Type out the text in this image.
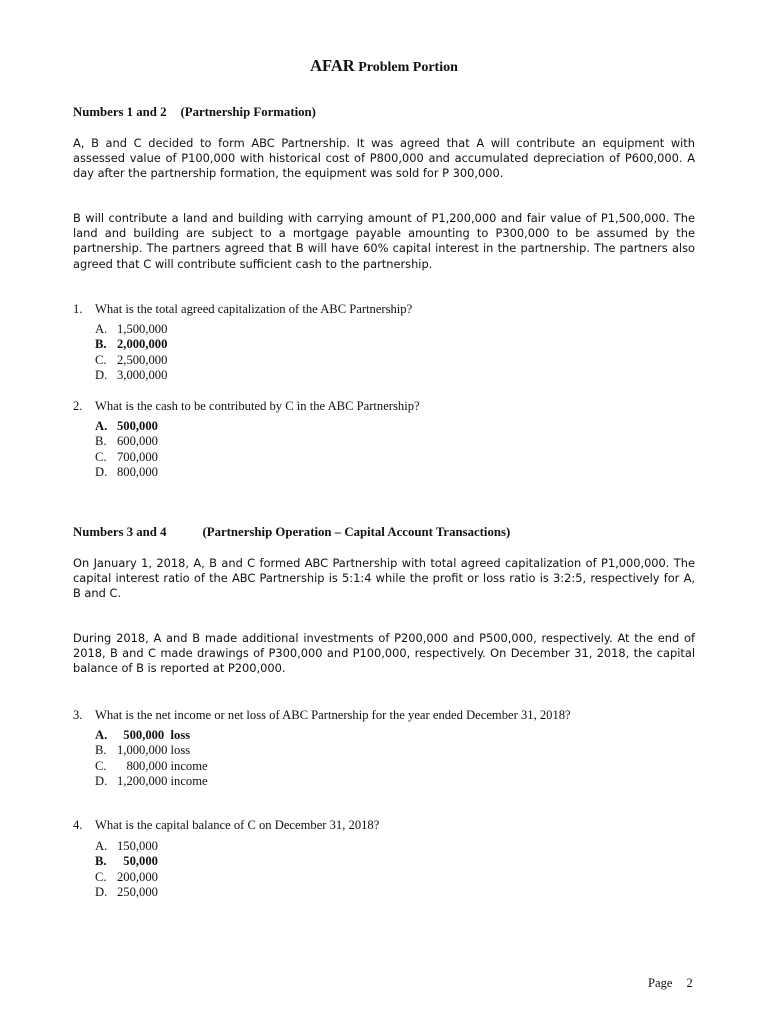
AFAR Problem Portion
Numbers 1 and 2 (Partnership Formation)
A, B and C decided to form ABC Partnership. It was agreed that A will contribute an equipment with assessed value of P100,000 with historical cost of P800,000 and accumulated depreciation of P600,000. A day after the partnership formation, the equipment was sold for P 300,000.
B will contribute a land and building with carrying amount of P1,200,000 and fair value of P1,500,000. The land and building are subject to a mortgage payable amounting to P300,000 to be assumed by the partnership. The partners agreed that B will have 60% capital interest in the partnership. The partners also agreed that C will contribute sufficient cash to the partnership.
1. What is the total agreed capitalization of the ABC Partnership?
A. 1,500,000
B. 2,000,000
C. 2,500,000
D. 3,000,000
2. What is the cash to be contributed by C in the ABC Partnership?
A. 500,000
B. 600,000
C. 700,000
D. 800,000
Numbers 3 and 4	(Partnership Operation – Capital Account Transactions)
On January 1, 2018, A, B and C formed ABC Partnership with total agreed capitalization of P1,000,000. The capital interest ratio of the ABC Partnership is 5:1:4 while the profit or loss ratio is 3:2:5, respectively for A, B and C.
During 2018, A and B made additional investments of P200,000 and P500,000, respectively. At the end of 2018, B and C made drawings of P300,000 and P100,000, respectively. On December 31, 2018, the capital balance of B is reported at P200,000.
3. What is the net income or net loss of ABC Partnership for the year ended December 31, 2018?
A.  500,000  loss
B. 1,000,000 loss
C.   800,000 income
D. 1,200,000 income
4. What is the capital balance of C on December 31, 2018?
A. 150,000
B.  50,000
C. 200,000
D. 250,000
Page 2
